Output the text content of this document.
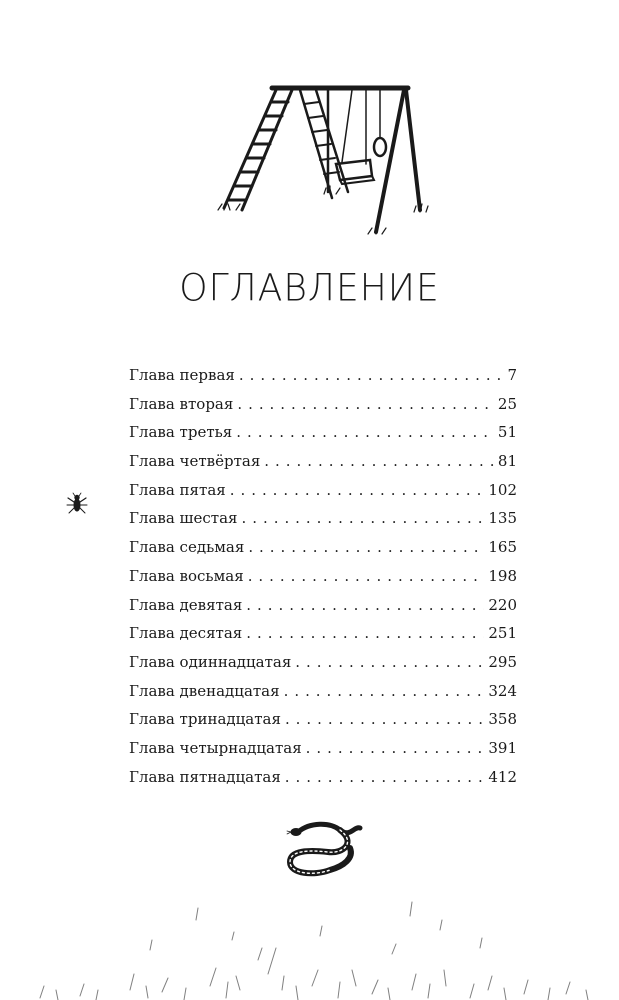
ОГЛАВЛЕНИЕ
Глава первая . . .	7
Глава вторая . . .	25
Глава третья . . .	51
Глава четвёртая . . .	81
Глава пятая . . .	102
Глава шестая . . .	135
Глава седьмая . . .	165
Глава восьмая . . .	198
Глава девятая . . .	220
Глава десятая . . .	251
Глава одиннадцатая . . .	295
Глава двенадцатая . . .	324
Глава тринадцатая . . .	358
Глава четырнадцатая . . .	391
Глава пятнадцатая . . .	412
